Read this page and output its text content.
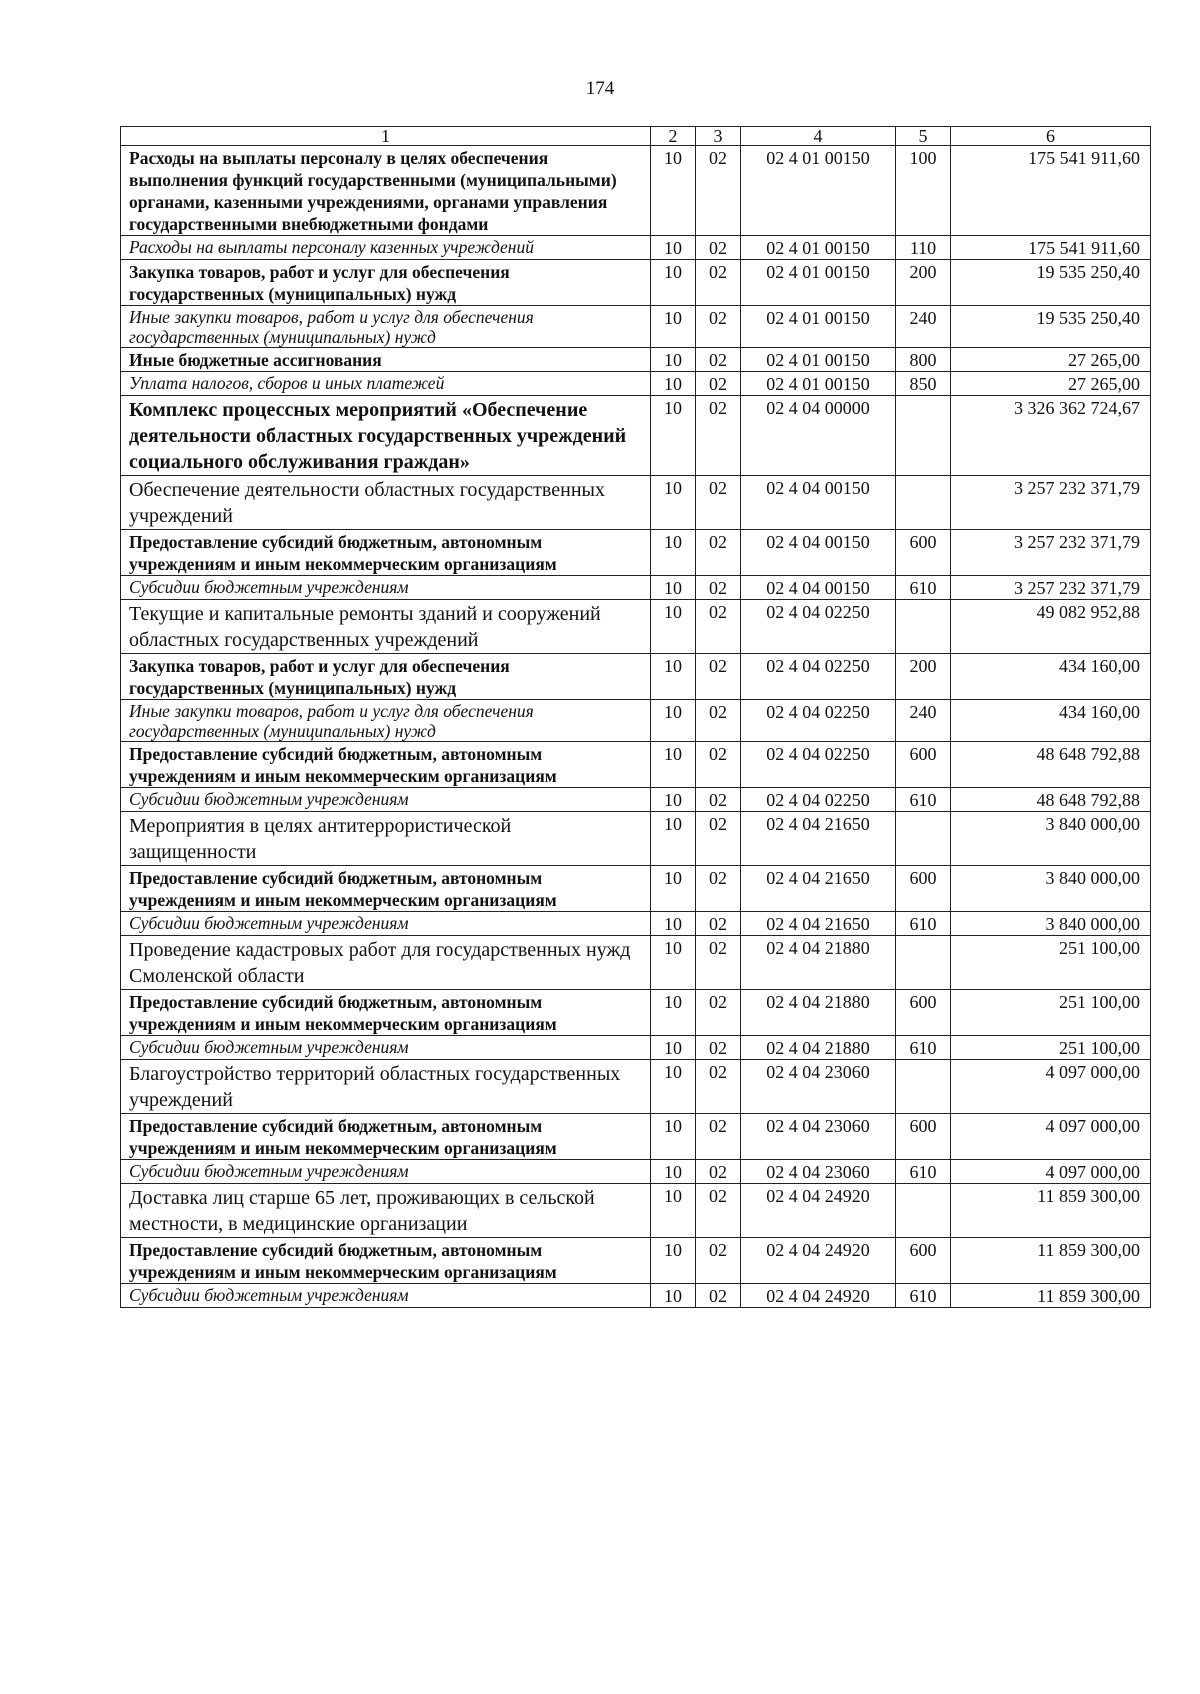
174
1	2	3	4	5	6
Расходы на выплаты персоналу в целях обеспечения выполнения функций государственными (муниципальными) органами, казенными учреждениями, органами управления государственными внебюджетными фондами	10	02	02 4 01 00150	100	175 541 911,60
Расходы на выплаты персоналу казенных учреждений	10	02	02 4 01 00150	110	175 541 911,60
Закупка товаров, работ и услуг для обеспечения государственных (муниципальных) нужд	10	02	02 4 01 00150	200	19 535 250,40
Иные закупки товаров, работ и услуг для обеспечения государственных (муниципальных) нужд	10	02	02 4 01 00150	240	19 535 250,40
Иные бюджетные ассигнования	10	02	02 4 01 00150	800	27 265,00
Уплата налогов, сборов и иных платежей	10	02	02 4 01 00150	850	27 265,00
Комплекс процессных мероприятий «Обеспечение деятельности областных государственных учреждений социального обслуживания граждан»	10	02	02 4 04 00000		3 326 362 724,67
Обеспечение деятельности областных государственных учреждений	10	02	02 4 04 00150		3 257 232 371,79
Предоставление субсидий бюджетным, автономным учреждениям и иным некоммерческим организациям	10	02	02 4 04 00150	600	3 257 232 371,79
Субсидии бюджетным учреждениям	10	02	02 4 04 00150	610	3 257 232 371,79
Текущие и капитальные ремонты зданий и сооружений областных государственных учреждений	10	02	02 4 04 02250		49 082 952,88
Закупка товаров, работ и услуг для обеспечения государственных (муниципальных) нужд	10	02	02 4 04 02250	200	434 160,00
Иные закупки товаров, работ и услуг для обеспечения государственных (муниципальных) нужд	10	02	02 4 04 02250	240	434 160,00
Предоставление субсидий бюджетным, автономным учреждениям и иным некоммерческим организациям	10	02	02 4 04 02250	600	48 648 792,88
Субсидии бюджетным учреждениям	10	02	02 4 04 02250	610	48 648 792,88
Мероприятия в целях антитеррористической защищенности	10	02	02 4 04 21650		3 840 000,00
Предоставление субсидий бюджетным, автономным учреждениям и иным некоммерческим организациям	10	02	02 4 04 21650	600	3 840 000,00
Субсидии бюджетным учреждениям	10	02	02 4 04 21650	610	3 840 000,00
Проведение кадастровых работ для государственных нужд Смоленской области	10	02	02 4 04 21880		251 100,00
Предоставление субсидий бюджетным, автономным учреждениям и иным некоммерческим организациям	10	02	02 4 04 21880	600	251 100,00
Субсидии бюджетным учреждениям	10	02	02 4 04 21880	610	251 100,00
Благоустройство территорий областных государственных учреждений	10	02	02 4 04 23060		4 097 000,00
Предоставление субсидий бюджетным, автономным учреждениям и иным некоммерческим организациям	10	02	02 4 04 23060	600	4 097 000,00
Субсидии бюджетным учреждениям	10	02	02 4 04 23060	610	4 097 000,00
Доставка лиц старше 65 лет, проживающих в сельской местности, в медицинские организации	10	02	02 4 04 24920		11 859 300,00
Предоставление субсидий бюджетным, автономным учреждениям и иным некоммерческим организациям	10	02	02 4 04 24920	600	11 859 300,00
Субсидии бюджетным учреждениям	10	02	02 4 04 24920	610	11 859 300,00
